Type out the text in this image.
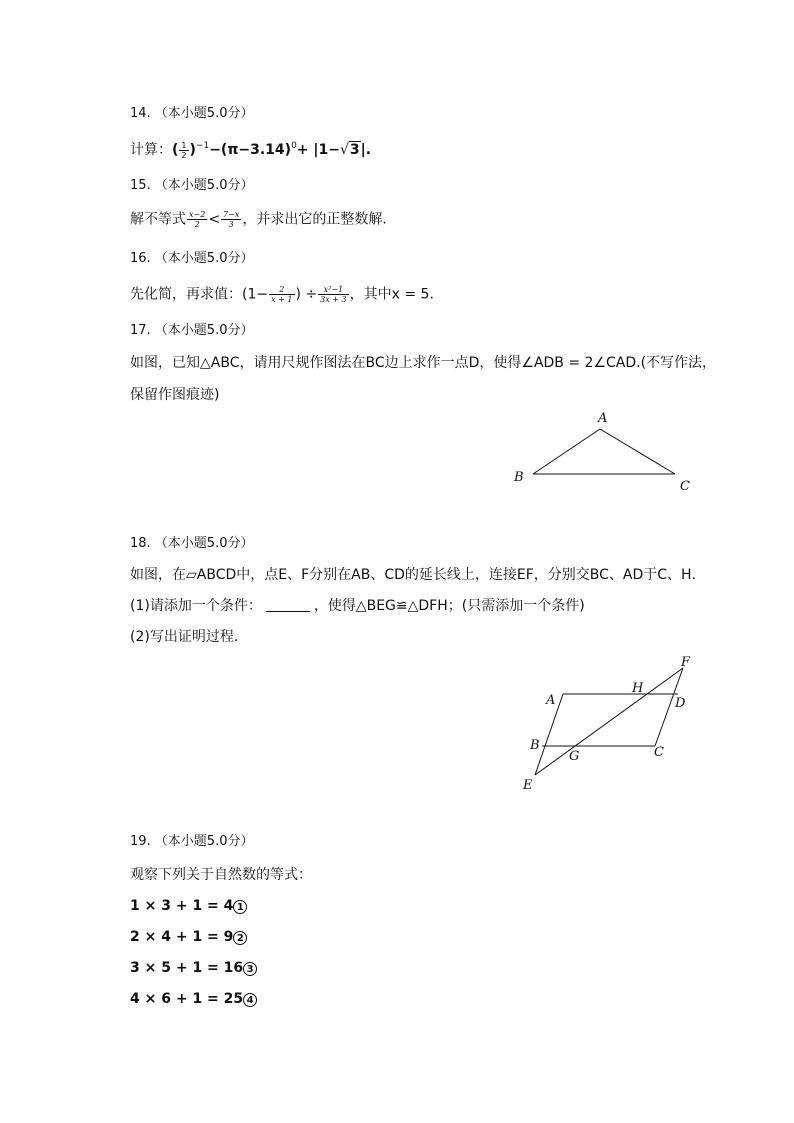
14. （本小题5.0分）
计算：( $\frac{1}{2} )^{-1}-(\pi-3.14)^0+ |1-√3|$.
15. （本小题5.0分）
解不等式 $\frac{x-2}{2} < \frac{7-x}{3}$ ，并求出它的正整数解．
16. （本小题5.0分）
先化简，再求值：($1- \frac{2}{x + 1}$ ) ÷ $\frac{\text{x²−1}}{3x + 3}$ ，其中x = 5．
17. （本小题5.0分）
如图，已知△ABC，请用尺规作图法在BC边上求作一点D，使得∠ADB = 2∠CAD.(不写作法，
保留作图痕迹)
A
B
C
18. （本小题5.0分）
如图，在▱ABCD中，点E、F分别在AB、CD的延长线上，连接EF，分别交BC、AD于C、H．
(1)请添加一个条件：	，使得△BEG≌△DFH；(只需添加一个条件)
(2)写出证明过程．
A
B	C
D
E
F
G
H
19. （本小题5.0分）
观察下列关于自然数的等式：
1 × 3 + 1 = 4 1
2 × 4 + 1 = 9 2
3 × 5 + 1 = 16 3
4 × 6 + 1 = 25 4
